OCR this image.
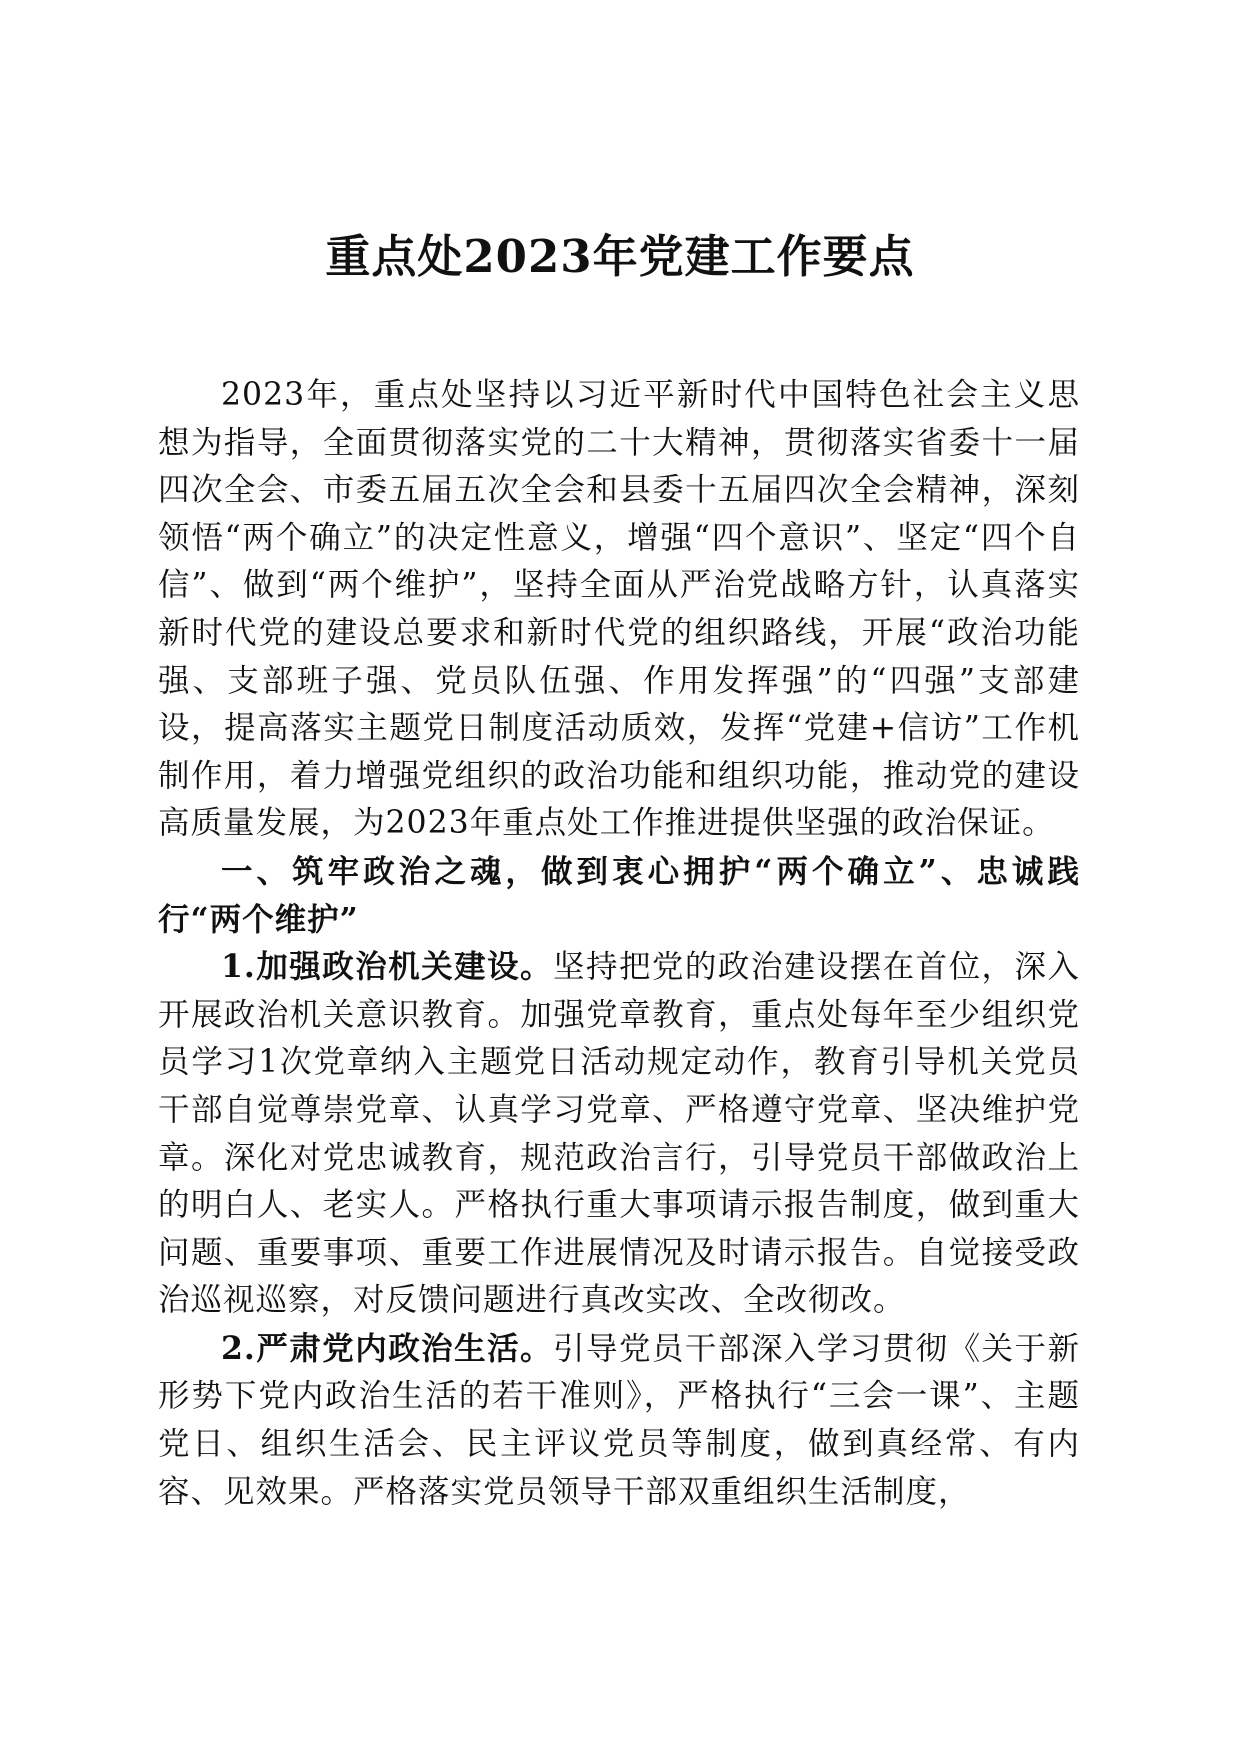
重点处2023年党建工作要点

2023年，重点处坚持以习近平新时代中国特色社会主义思想为指导，全面贯彻落实党的二十大精神，贯彻落实省委十一届四次全会、市委五届五次全会和县委十五届四次全会精神，深刻领悟“两个确立”的决定性意义，增强“四个意识”、坚定“四个自信”、做到“两个维护”，坚持全面从严治党战略方针，认真落实新时代党的建设总要求和新时代党的组织路线，开展“政治功能强、支部班子强、党员队伍强、作用发挥强”的“四强”支部建设，提高落实主题党日制度活动质效，发挥“党建+信访”工作机制作用，着力增强党组织的政治功能和组织功能，推动党的建设高质量发展，为2023年重点处工作推进提供坚强的政治保证。

一、筑牢政治之魂，做到衷心拥护“两个确立”、忠诚践行“两个维护”

1.加强政治机关建设。坚持把党的政治建设摆在首位，深入开展政治机关意识教育。加强党章教育，重点处每年至少组织党员学习1次党章纳入主题党日活动规定动作，教育引导机关党员干部自觉尊崇党章、认真学习党章、严格遵守党章、坚决维护党章。深化对党忠诚教育，规范政治言行，引导党员干部做政治上的明白人、老实人。严格执行重大事项请示报告制度，做到重大问题、重要事项、重要工作进展情况及时请示报告。自觉接受政治巡视巡察，对反馈问题进行真改实改、全改彻改。

2.严肃党内政治生活。引导党员干部深入学习贯彻《关于新形势下党内政治生活的若干准则》，严格执行“三会一课”、主题党日、组织生活会、民主评议党员等制度，做到真经常、有内容、见效果。严格落实党员领导干部双重组织生活制度，
